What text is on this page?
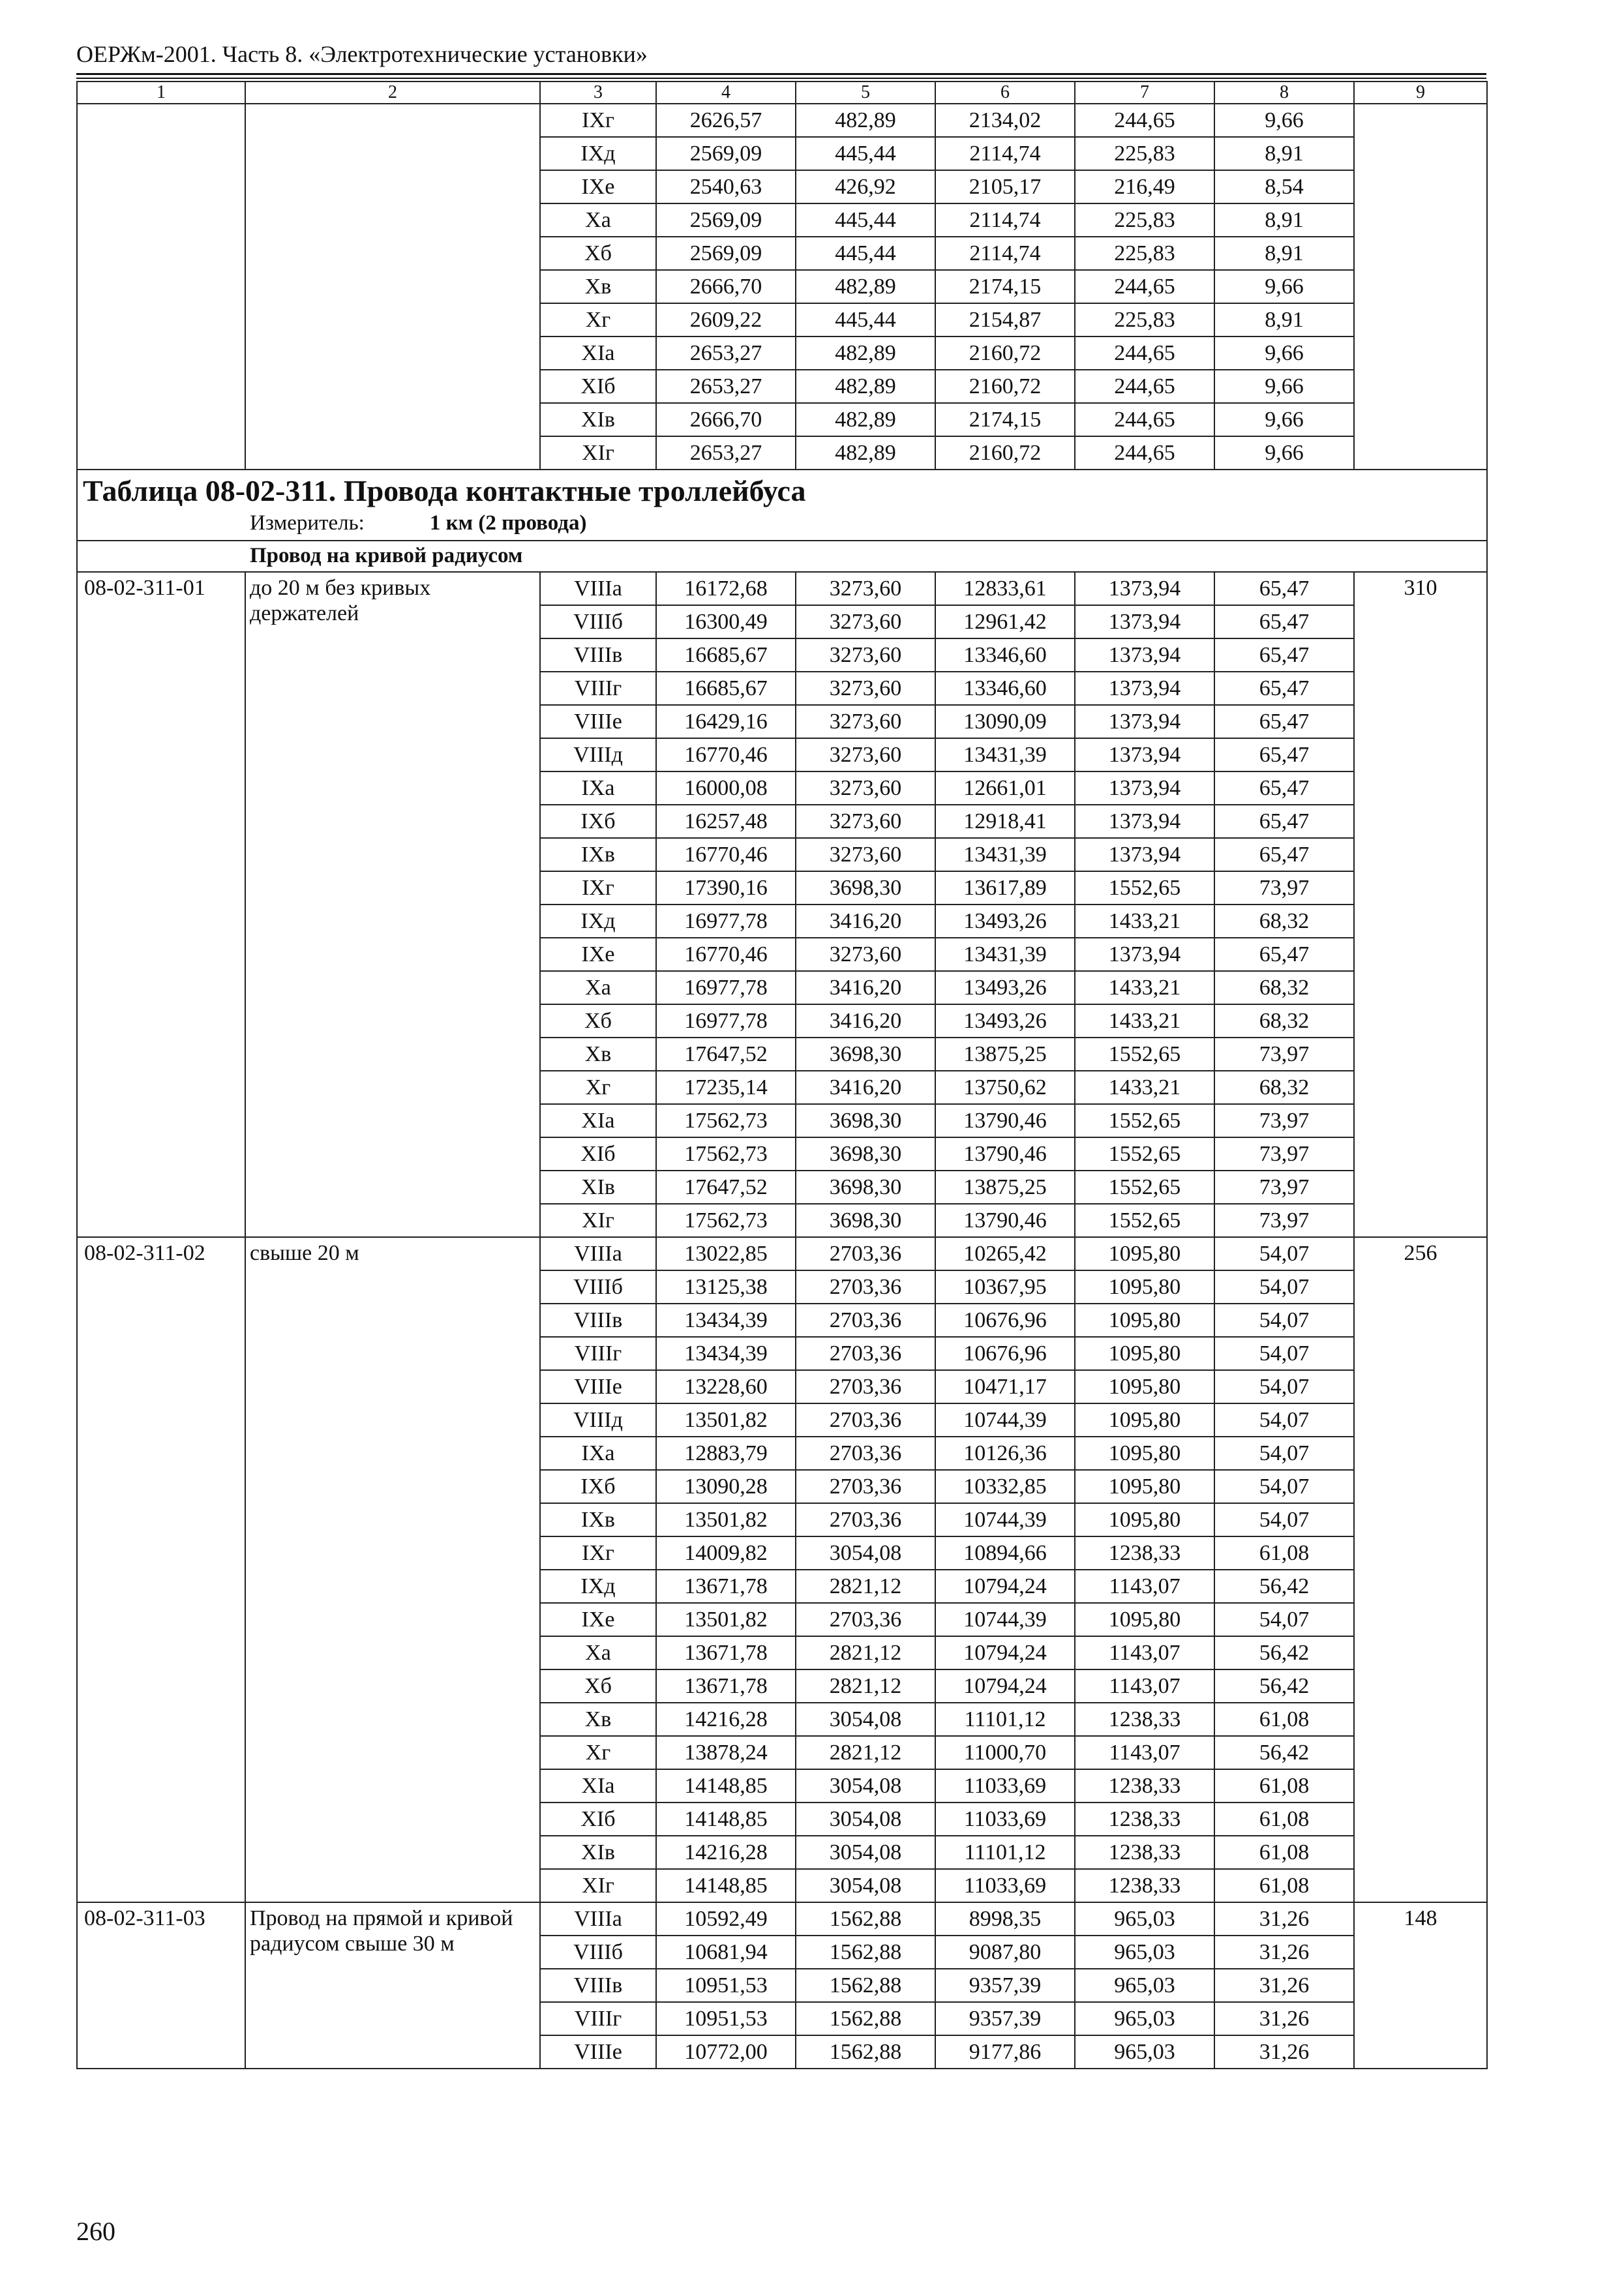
ОЕРЖм-2001. Часть 8. «Электротехнические установки»
1	2	3	4	5	6	7	8	9
		IXг	2626,57	482,89	2134,02	244,65	9,66	
		IXд	2569,09	445,44	2114,74	225,83	8,91	
		IXe	2540,63	426,92	2105,17	216,49	8,54	
		Xa	2569,09	445,44	2114,74	225,83	8,91	
		Xб	2569,09	445,44	2114,74	225,83	8,91	
		Xв	2666,70	482,89	2174,15	244,65	9,66	
		Xг	2609,22	445,44	2154,87	225,83	8,91	
		XIa	2653,27	482,89	2160,72	244,65	9,66	
		XIб	2653,27	482,89	2160,72	244,65	9,66	
		XIв	2666,70	482,89	2174,15	244,65	9,66	
		XIг	2653,27	482,89	2160,72	244,65	9,66	

Таблица 08-02-311. Провода контактные троллейбуса
Измеритель: 1 км (2 провода)								

Провод на кривой радиусом								
08-02-311-01	до 20 м без кривых держателей	VIIIa	16172,68	3273,60	12833,61	1373,94	65,47	310
		VIIIб	16300,49	3273,60	12961,42	1373,94	65,47	
		VIIIв	16685,67	3273,60	13346,60	1373,94	65,47	
		VIIIг	16685,67	3273,60	13346,60	1373,94	65,47	
		VIIIe	16429,16	3273,60	13090,09	1373,94	65,47	
		VIIIд	16770,46	3273,60	13431,39	1373,94	65,47	
		IXa	16000,08	3273,60	12661,01	1373,94	65,47	
		IXб	16257,48	3273,60	12918,41	1373,94	65,47	
		IXв	16770,46	3273,60	13431,39	1373,94	65,47	
		IXг	17390,16	3698,30	13617,89	1552,65	73,97	
		IXд	16977,78	3416,20	13493,26	1433,21	68,32	
		IXe	16770,46	3273,60	13431,39	1373,94	65,47	
		Xa	16977,78	3416,20	13493,26	1433,21	68,32	
		Xб	16977,78	3416,20	13493,26	1433,21	68,32	
		Xв	17647,52	3698,30	13875,25	1552,65	73,97	
		Xг	17235,14	3416,20	13750,62	1433,21	68,32	
		XIa	17562,73	3698,30	13790,46	1552,65	73,97	
		XIб	17562,73	3698,30	13790,46	1552,65	73,97	
		XIв	17647,52	3698,30	13875,25	1552,65	73,97	
		XIг	17562,73	3698,30	13790,46	1552,65	73,97	
08-02-311-02	свыше 20 м	VIIIa	13022,85	2703,36	10265,42	1095,80	54,07	256
		VIIIб	13125,38	2703,36	10367,95	1095,80	54,07	
		VIIIв	13434,39	2703,36	10676,96	1095,80	54,07	
		VIIIг	13434,39	2703,36	10676,96	1095,80	54,07	
		VIIIe	13228,60	2703,36	10471,17	1095,80	54,07	
		VIIIд	13501,82	2703,36	10744,39	1095,80	54,07	
		IXa	12883,79	2703,36	10126,36	1095,80	54,07	
		IXб	13090,28	2703,36	10332,85	1095,80	54,07	
		IXв	13501,82	2703,36	10744,39	1095,80	54,07	
		IXг	14009,82	3054,08	10894,66	1238,33	61,08	
		IXд	13671,78	2821,12	10794,24	1143,07	56,42	
		IXe	13501,82	2703,36	10744,39	1095,80	54,07	
		Xa	13671,78	2821,12	10794,24	1143,07	56,42	
		Xб	13671,78	2821,12	10794,24	1143,07	56,42	
		Xв	14216,28	3054,08	11101,12	1238,33	61,08	
		Xг	13878,24	2821,12	11000,70	1143,07	56,42	
		XIa	14148,85	3054,08	11033,69	1238,33	61,08	
		XIб	14148,85	3054,08	11033,69	1238,33	61,08	
		XIв	14216,28	3054,08	11101,12	1238,33	61,08	
		XIг	14148,85	3054,08	11033,69	1238,33	61,08	
08-02-311-03	Провод на прямой и кривой радиусом свыше 30 м	VIIIa	10592,49	1562,88	8998,35	965,03	31,26	148
		VIIIб	10681,94	1562,88	9087,80	965,03	31,26	
		VIIIв	10951,53	1562,88	9357,39	965,03	31,26	
		VIIIг	10951,53	1562,88	9357,39	965,03	31,26	
		VIIIe	10772,00	1562,88	9177,86	965,03	31,26	
260
